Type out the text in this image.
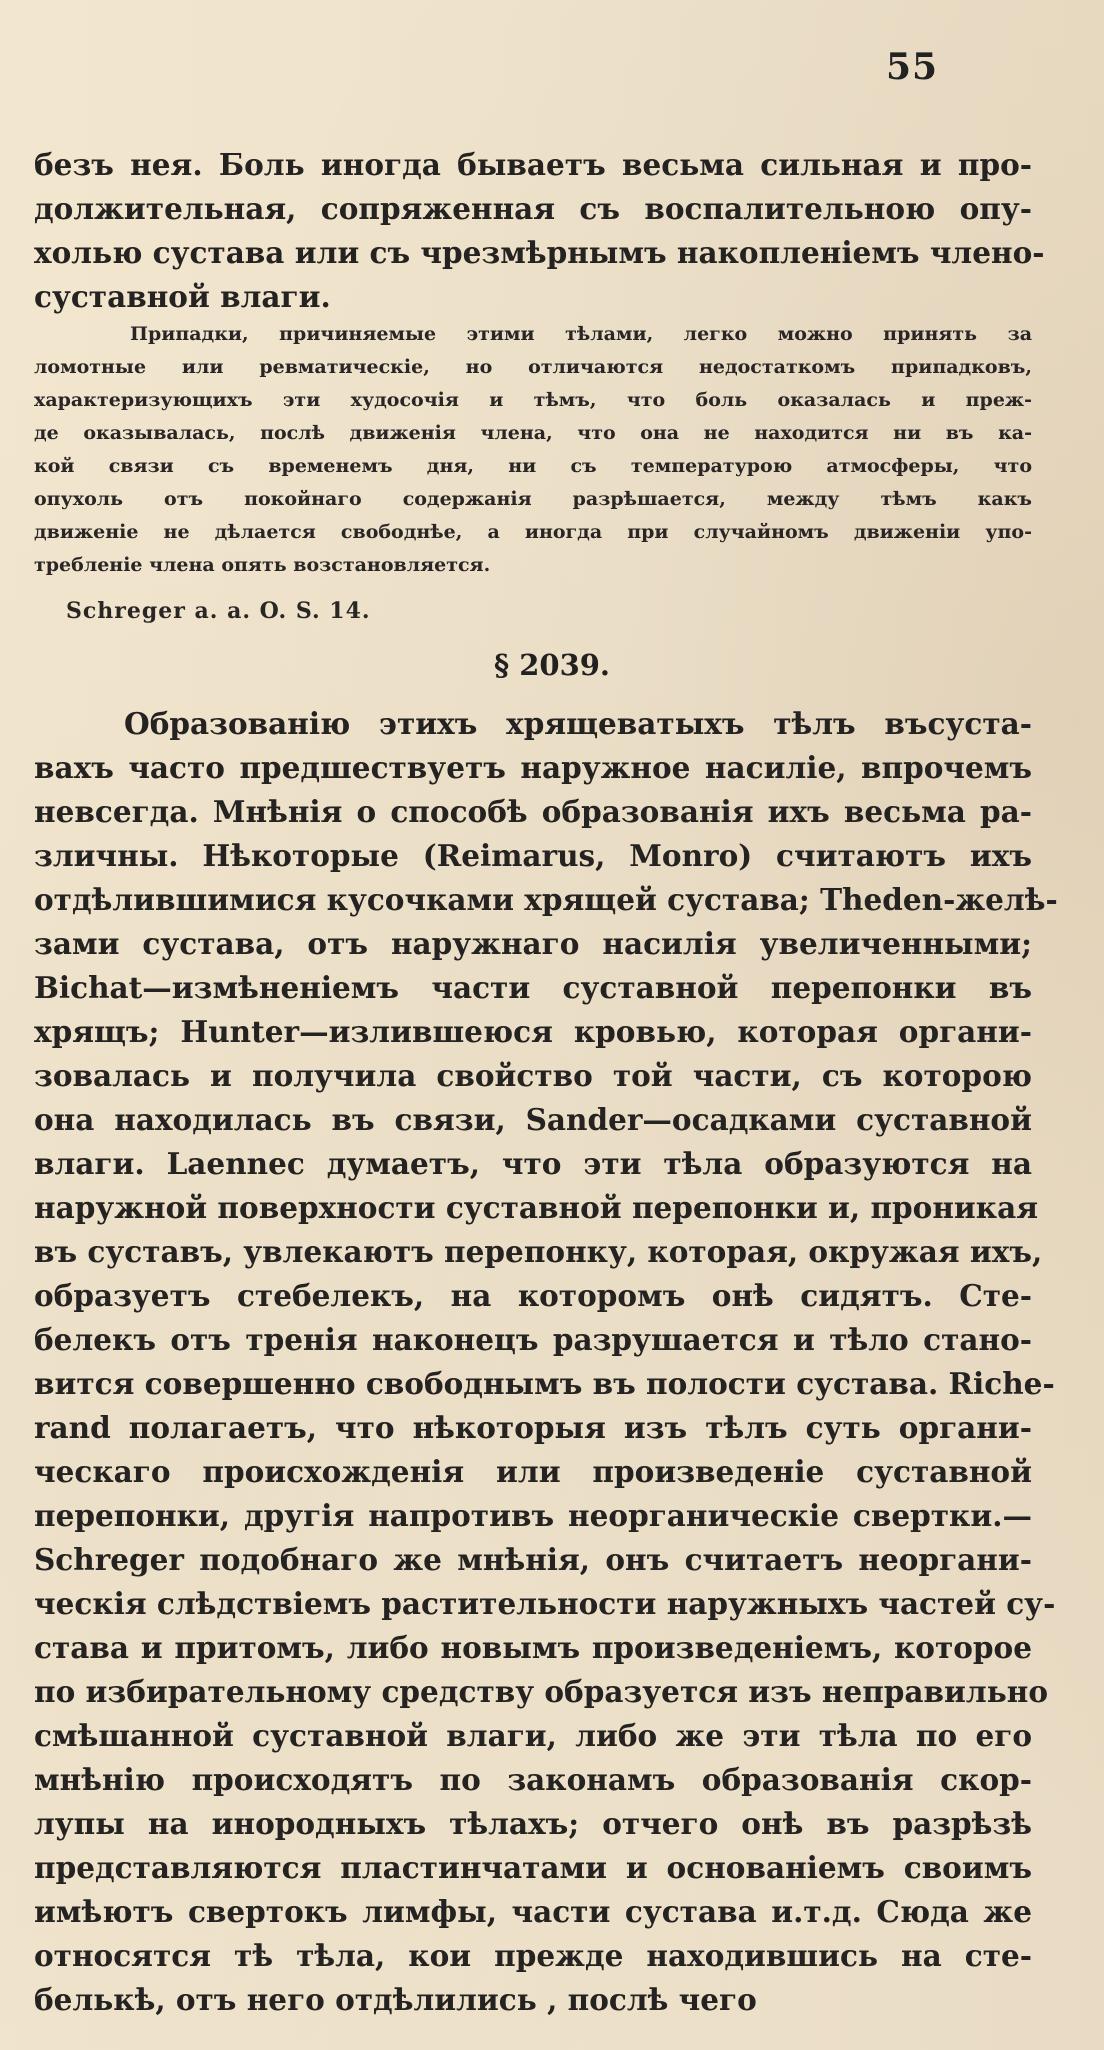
55
безъ нея. Боль иногда бываетъ весьма сильная и про-
должительная, сопряженная съ воспалительною опу-
холью сустава или съ чрезмѣрнымъ накопленіемъ члено-
суставной влаги.
Припадки, причиняемые этими тѣлами, легко можно принять за
ломотные или ревматическіе, но отличаются недостаткомъ припадковъ,
характеризующихъ эти худосочія и тѣмъ, что боль оказалась и преж-
де оказывалась, послѣ движенія члена, что она не находится ни въ ка-
кой связи съ временемъ дня, ни съ температурою атмосферы, что
опухоль отъ покойнаго содержанія разрѣшается, между тѣмъ какъ
движеніе не дѣлается свободнѣе, а иногда при случайномъ движеніи упо-
требленіе члена опять возстановляется.
Schreger a. a. O. S. 14.
§ 2039.
Образованію этихъ хрящеватыхъ тѣлъ въсуста-
вахъ часто предшествуетъ наружное насиліе, впрочемъ
невсегда. Мнѣнія о способѣ образованія ихъ весьма ра-
зличны. Нѣкоторые (Reimarus, Monro) считаютъ ихъ
отдѣлившимися кусочками хрящей сустава; Theden-желѣ-
зами сустава, отъ наружнаго насилія увеличенными;
Bichat—измѣненіемъ части суставной перепонки въ
хрящъ; Hunter—излившеюся кровью, которая органи-
зовалась и получила свойство той части, съ которою
она находилась въ связи, Sander—осадками суставной
влаги. Laennec думаетъ, что эти тѣла образуются на
наружной поверхности суставной перепонки и, проникая
въ суставъ, увлекаютъ перепонку, которая, окружая ихъ,
образуетъ стебелекъ, на которомъ онѣ сидятъ. Сте-
белекъ отъ тренія наконецъ разрушается и тѣло стано-
вится совершенно свободнымъ въ полости сустава. Riche-
rand полагаетъ, что нѣкоторыя изъ тѣлъ суть органи-
ческаго происхожденія или произведеніе суставной
перепонки, другія напротивъ неорганическіе свертки.—
Schreger подобнаго же мнѣнія, онъ считаетъ неоргани-
ческія слѣдствіемъ растительности наружныхъ частей су-
става и притомъ, либо новымъ произведеніемъ, которое
по избирательному средству образуется изъ неправильно
смѣшанной суставной влаги, либо же эти тѣла по его
мнѣнію происходятъ по законамъ образованія скор-
лупы на инородныхъ тѣлахъ; отчего онѣ въ разрѣзѣ
представляются пластинчатами и основаніемъ своимъ
имѣютъ свертокъ лимфы, части сустава и.т.д. Сюда же
относятся тѣ тѣла, кои прежде находившись на сте-
белькѣ, отъ него отдѣлились , послѣ чего
